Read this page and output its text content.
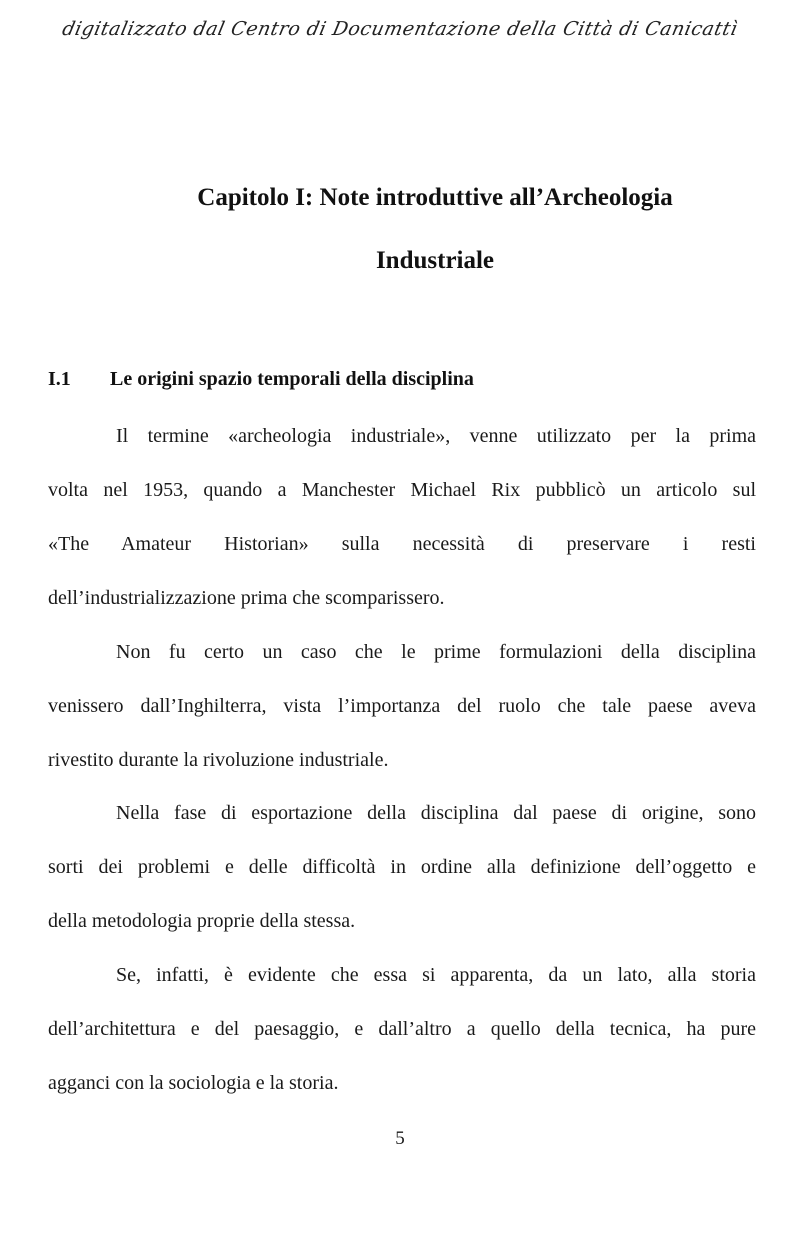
digitalizzato dal Centro di Documentazione della Città di Canicattì
Capitolo I: Note introduttive all’Archeologia
Industriale
I.1 Le origini spazio temporali della disciplina
Il termine «archeologia industriale», venne utilizzato per la prima
volta nel 1953, quando a Manchester Michael Rix pubblicò un articolo sul
«The Amateur Historian» sulla necessità di preservare i resti
dell’industrializzazione prima che scomparissero.
Non fu certo un caso che le prime formulazioni della disciplina
venissero dall’Inghilterra, vista l’importanza del ruolo che tale paese aveva
rivestito durante la rivoluzione industriale.
Nella fase di esportazione della disciplina dal paese di origine, sono
sorti dei problemi e delle difficoltà in ordine alla definizione dell’oggetto e
della metodologia proprie della stessa.
Se, infatti, è evidente che essa si apparenta, da un lato, alla storia
dell’architettura e del paesaggio, e dall’altro a quello della tecnica, ha pure
agganci con la sociologia e la storia.
5
